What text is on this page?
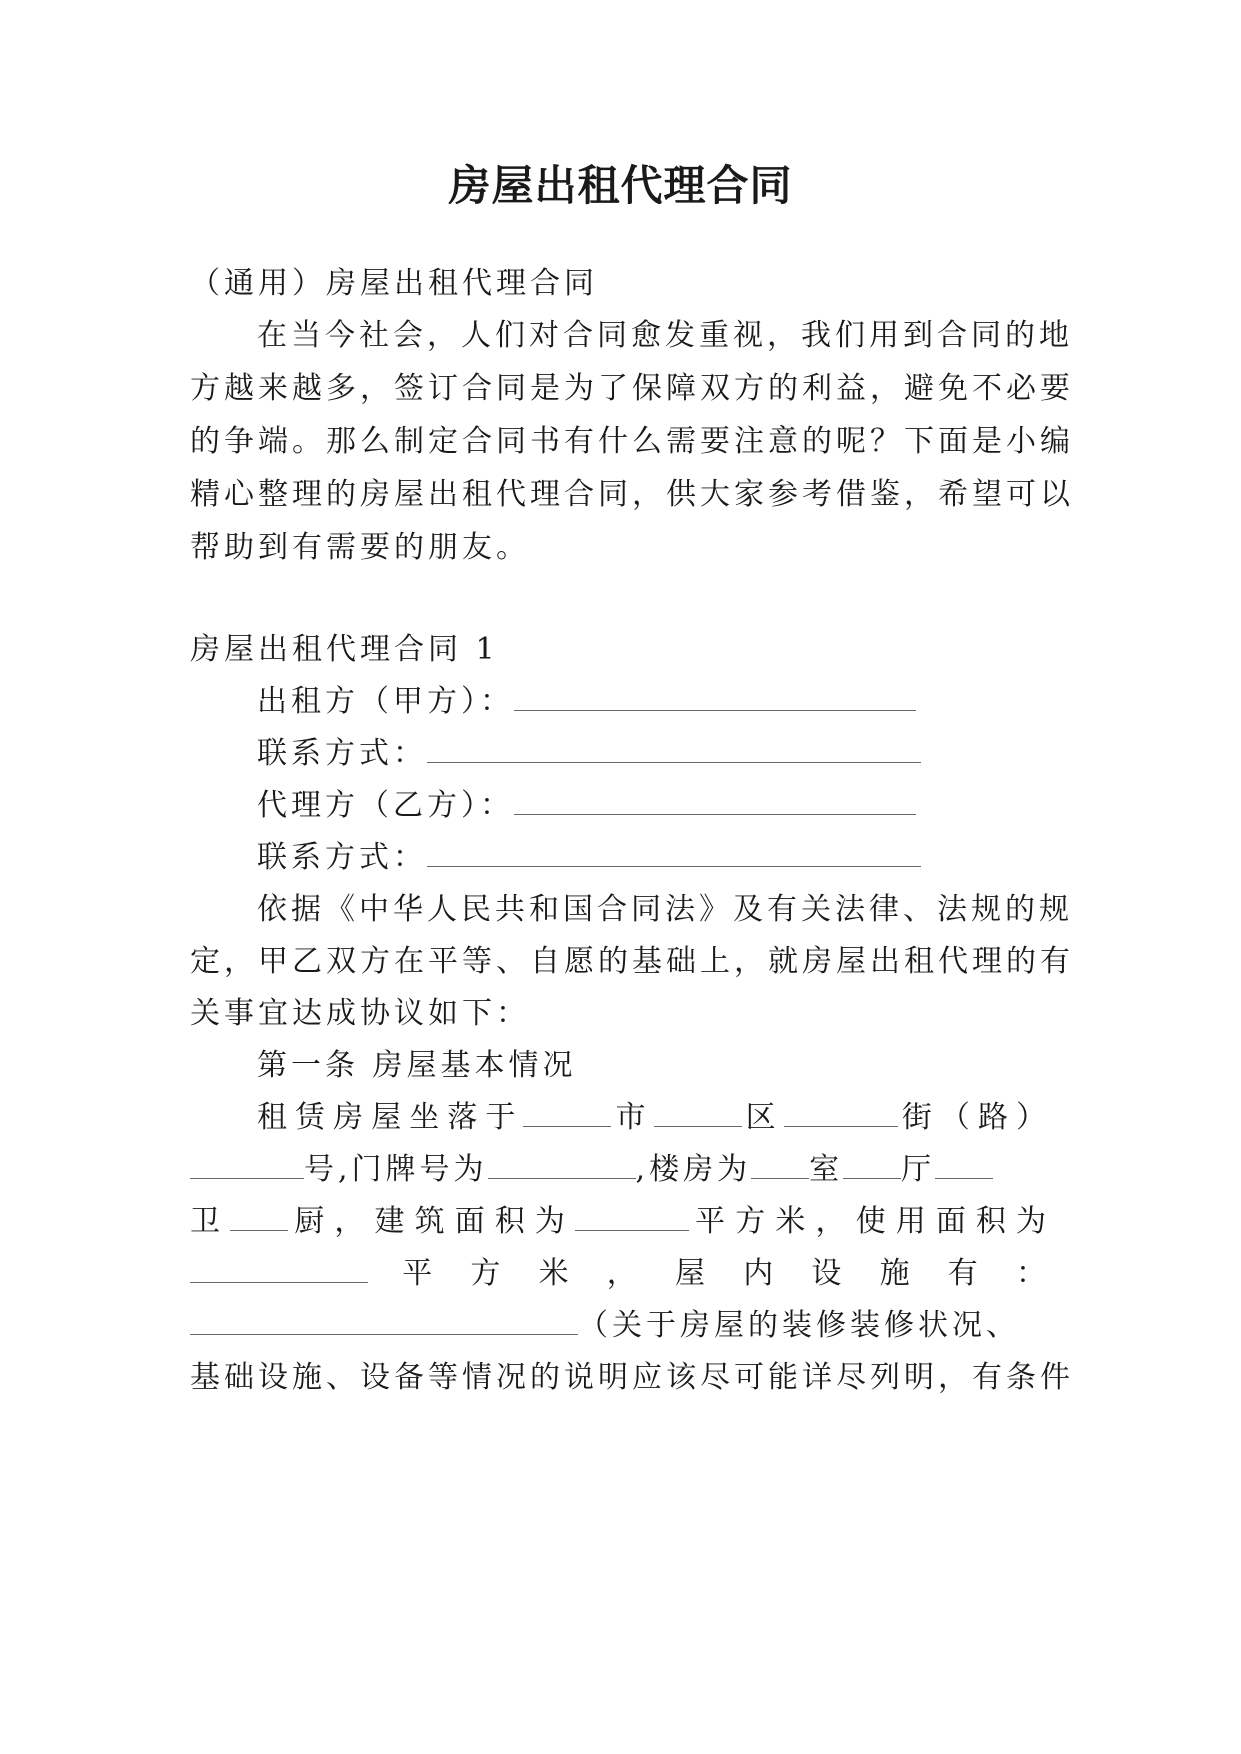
房屋出租代理合同
（通用）房屋出租代理合同
在当今社会，人们对合同愈发重视，我们用到合同的地
方越来越多，签订合同是为了保障双方的利益，避免不必要
的争端。那么制定合同书有什么需要注意的呢？下面是小编
精心整理的房屋出租代理合同，供大家参考借鉴，希望可以
帮助到有需要的朋友。
房屋出租代理合同 1
出租方（甲方）：
联系方式：
代理方（乙方）：
联系方式：
依据《中华人民共和国合同法》及有关法律、法规的规
定，甲乙双方在平等、自愿的基础上，就房屋出租代理的有
关事宜达成协议如下：
第一条 房屋基本情况
租赁房屋坐落于	市	区	街（路）
号,门牌号为	,楼房为 室 厅
卫 厨，建筑面积为	平方米，使用面积为
平方米，屋内设施有：
（关于房屋的装修装修状况、
基础设施、设备等情况的说明应该尽可能详尽列明，有条件
